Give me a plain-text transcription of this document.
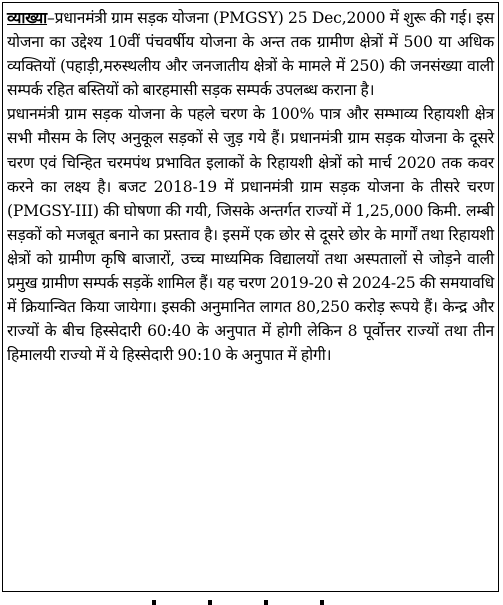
व्याख्या–प्रधानमंत्री ग्राम सड़क योजना (PMGSY) 25 Dec,2000 में शुरू की गई। इस योजना का उद्देश्य 10वीं पंचवर्षीय योजना के अन्त तक ग्रामीण क्षेत्रों में 500 या अधिक व्यक्तियों (पहाड़ी,मरुस्थलीय और जनजातीय क्षेत्रों के मामले में 250) की जनसंख्या वाली सम्पर्क रहित बस्तियों को बारहमासी सड़क सम्पर्क उपलब्ध कराना है।

प्रधानमंत्री ग्राम सड़क योजना के पहले चरण के 100% पात्र और सम्भाव्य रिहायशी क्षेत्र सभी मौसम के लिए अनुकूल सड़कों से जुड़ गये हैं। प्रधानमंत्री ग्राम सड़क योजना के दूसरे चरण एवं चिन्हित चरमपंथ प्रभावित इलाकों के रिहायशी क्षेत्रों को मार्च 2020 तक कवर करने का लक्ष्य है। बजट 2018-19 में प्रधानमंत्री ग्राम सड़क योजना के तीसरे चरण (PMGSY-III) की घोषणा की गयी, जिसके अन्तर्गत राज्यों में 1,25,000 किमी. लम्बी सड़कों को मजबूत बनाने का प्रस्ताव है। इसमें एक छोर से दूसरे छोर के मार्गों तथा रिहायशी क्षेत्रों को ग्रामीण कृषि बाजारों, उच्च माध्यमिक विद्यालयों तथा अस्पतालों से जोड़ने वाली प्रमुख ग्रामीण सम्पर्क सड़कें शामिल हैं। यह चरण 2019-20 से 2024-25 की समयावधि में क्रियान्वित किया जायेगा। इसकी अनुमानित लागत 80,250 करोड़ रूपये हैं। केन्द्र और राज्यों के बीच हिस्सेदारी 60:40 के अनुपात में होगी लेकिन 8 पूर्वोत्तर राज्यों तथा तीन हिमालयी राज्यो में ये हिस्सेदारी 90:10 के अनुपात में होगी।
